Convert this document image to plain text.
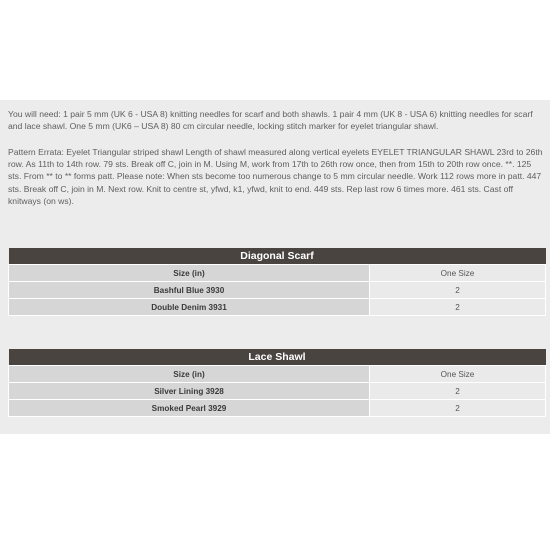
You will need: 1 pair 5 mm (UK 6 - USA 8) knitting needles for scarf and both shawls. 1 pair 4 mm (UK 8 - USA 6) knitting needles for scarf and lace shawl. One 5 mm (UK6 – USA 8) 80 cm circular needle, locking stitch marker for eyelet triangular shawl.

Pattern Errata: Eyelet Triangular striped shawl Length of shawl measured along vertical eyelets EYELET TRIANGULAR SHAWL 23rd to 26th row. As 11th to 14th row. 79 sts. Break off C, join in M. Using M, work from 17th to 26th row once, then from 15th to 20th row once. **. 125 sts. From ** to ** forms patt. Please note: When sts become too numerous change to 5 mm circular needle. Work 112 rows more in patt. 447 sts. Break off C, join in M. Next row. Knit to centre st, yfwd, k1, yfwd, knit to end. 449 sts. Rep last row 6 times more. 461 sts. Cast off knitways (on ws).

Diagonal Scarf	
Size (in)	One Size
Bashful Blue 3930	2
Double Denim 3931	2
Lace Shawl	
Size (in)	One Size
Silver Lining 3928	2
Smoked Pearl 3929	2
